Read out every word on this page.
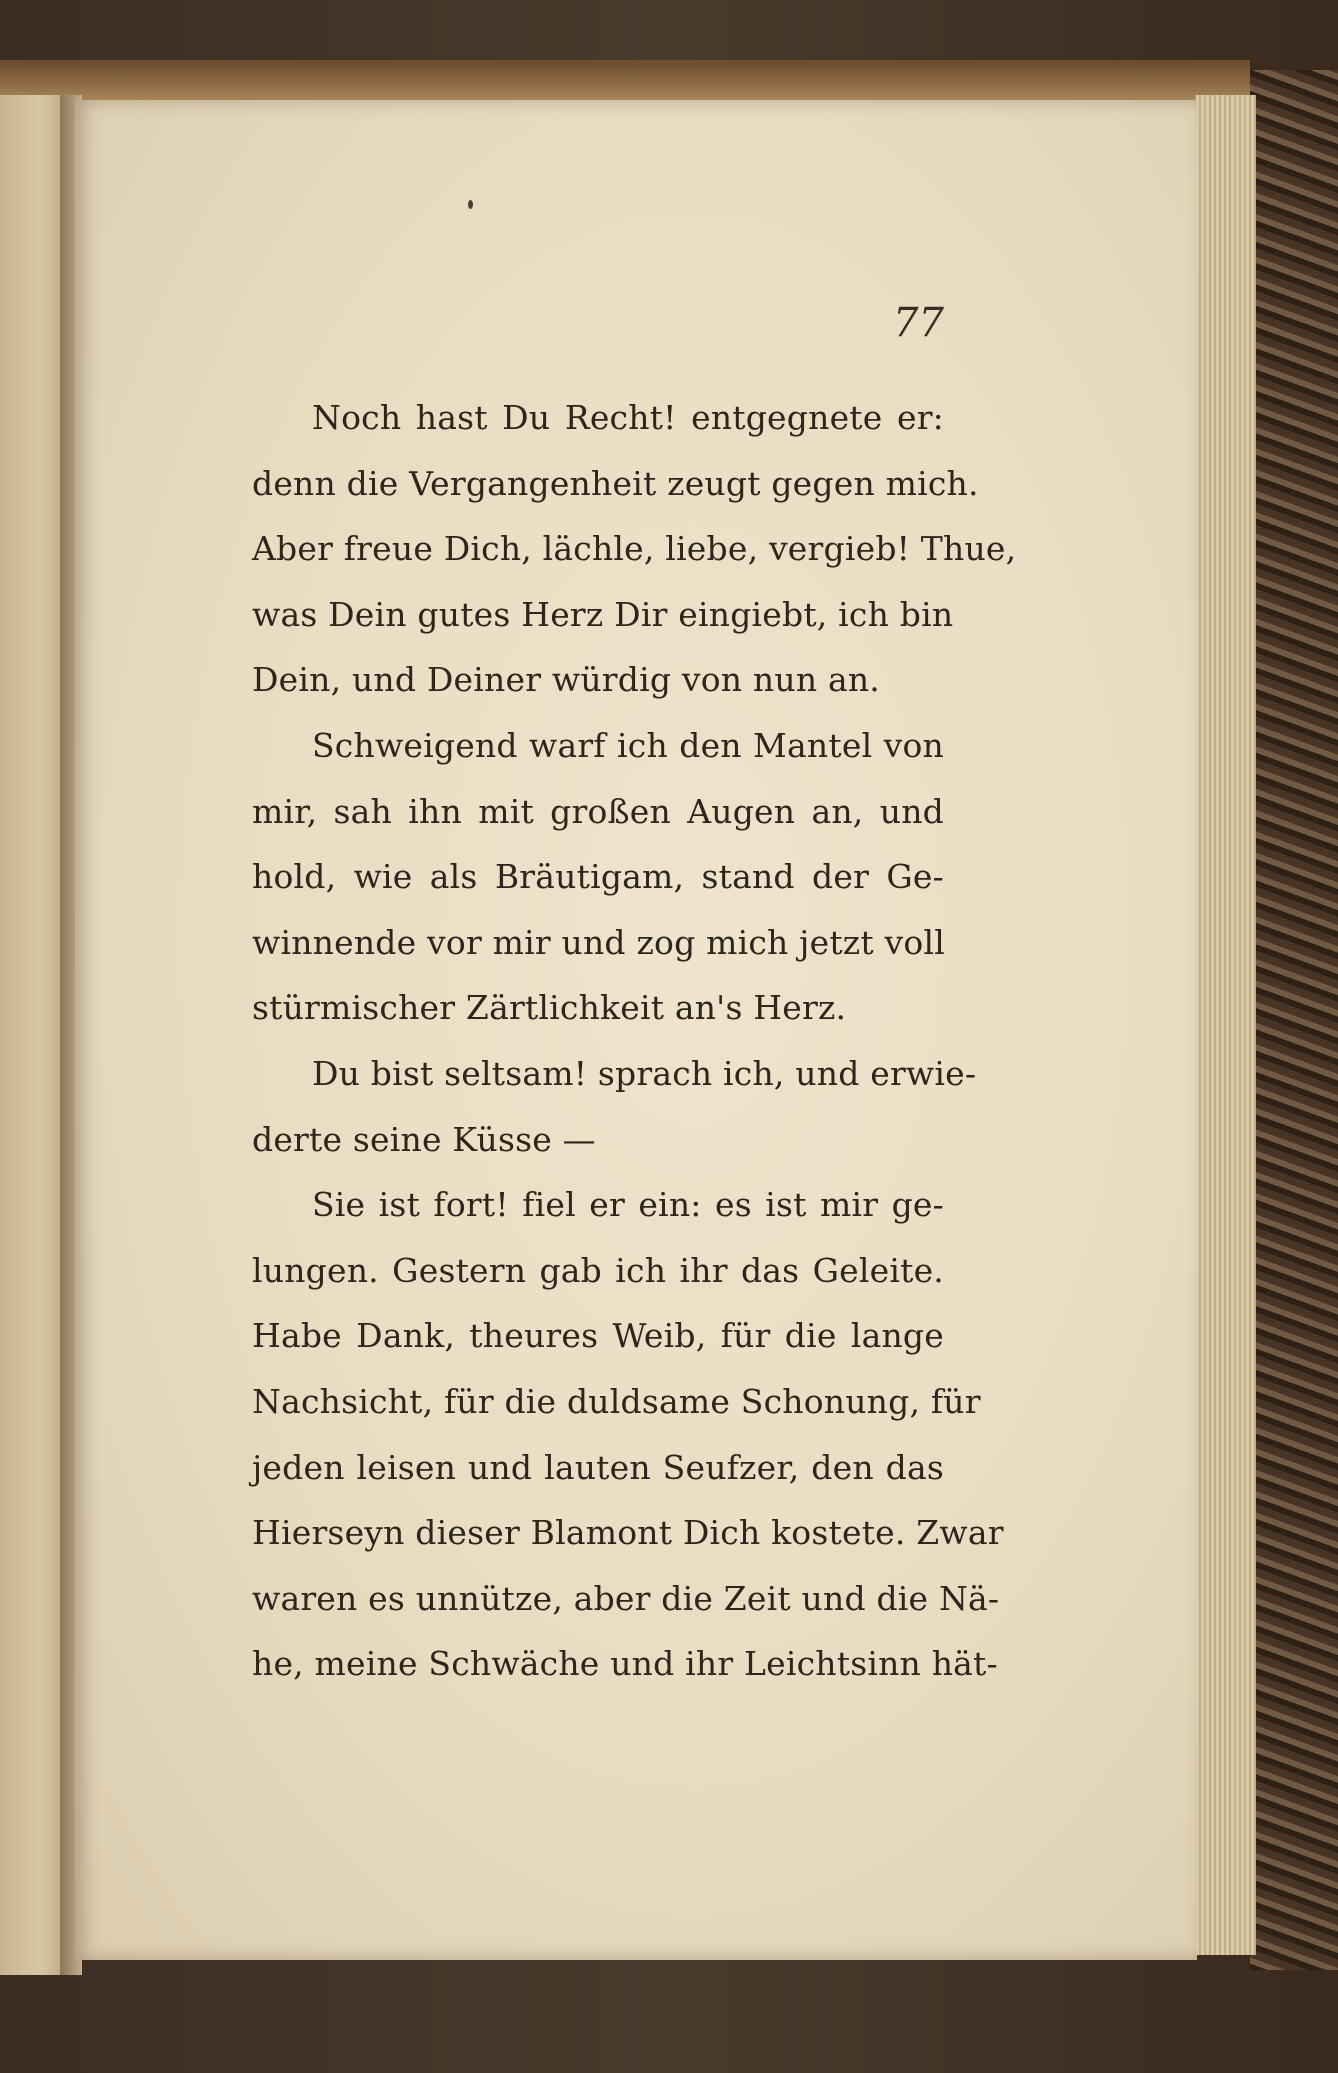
77

Noch hast Du Recht! entgegnete er:
denn die Vergangenheit zeugt gegen mich.
Aber freue Dich, lächle, liebe, vergieb! Thue,
was Dein gutes Herz Dir eingiebt, ich bin
Dein, und Deiner würdig von nun an.
Schweigend warf ich den Mantel von
mir, sah ihn mit großen Augen an, und
hold, wie als Bräutigam, stand der Ge-
winnende vor mir und zog mich jetzt voll
stürmischer Zärtlichkeit an's Herz.
Du bist seltsam! sprach ich, und erwie-
derte seine Küsse —
Sie ist fort! fiel er ein: es ist mir ge-
lungen. Gestern gab ich ihr das Geleite.
Habe Dank, theures Weib, für die lange
Nachsicht, für die duldsame Schonung, für
jeden leisen und lauten Seufzer, den das
Hierseyn dieser Blamont Dich kostete. Zwar
waren es unnütze, aber die Zeit und die Nä-
he, meine Schwäche und ihr Leichtsinn hät-
